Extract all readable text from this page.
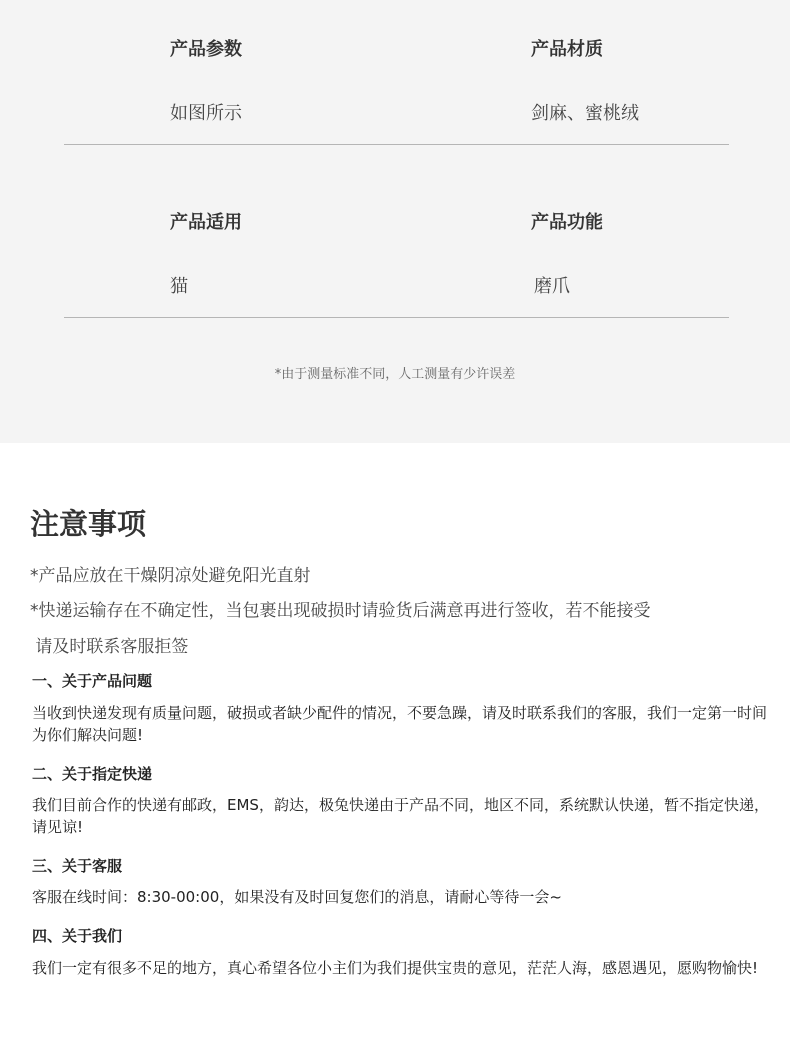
产品参数
如图所示
产品材质
剑麻、蜜桃绒
产品适用
猫
产品功能
磨爪
*由于测量标准不同，人工测量有少许误差
注意事项
*产品应放在干燥阴凉处避免阳光直射
*快递运输存在不确定性，当包裹出现破损时请验货后满意再进行签收，若不能接受
请及时联系客服拒签
一、关于产品问题
当收到快递发现有质量问题，破损或者缺少配件的情况，不要急躁，请及时联系我们的客服，我们一定第一时间为你们解决问题!
二、关于指定快递
我们目前合作的快递有邮政，EMS，韵达，极兔快递由于产品不同，地区不同，系统默认快递，暂不指定快递，请见谅!
三、关于客服
客服在线时间：8:30-00:00，如果没有及时回复您们的消息，请耐心等待一会~
四、关于我们
我们一定有很多不足的地方，真心希望各位小主们为我们提供宝贵的意见，茫茫人海，感恩遇见，愿购物愉快!
